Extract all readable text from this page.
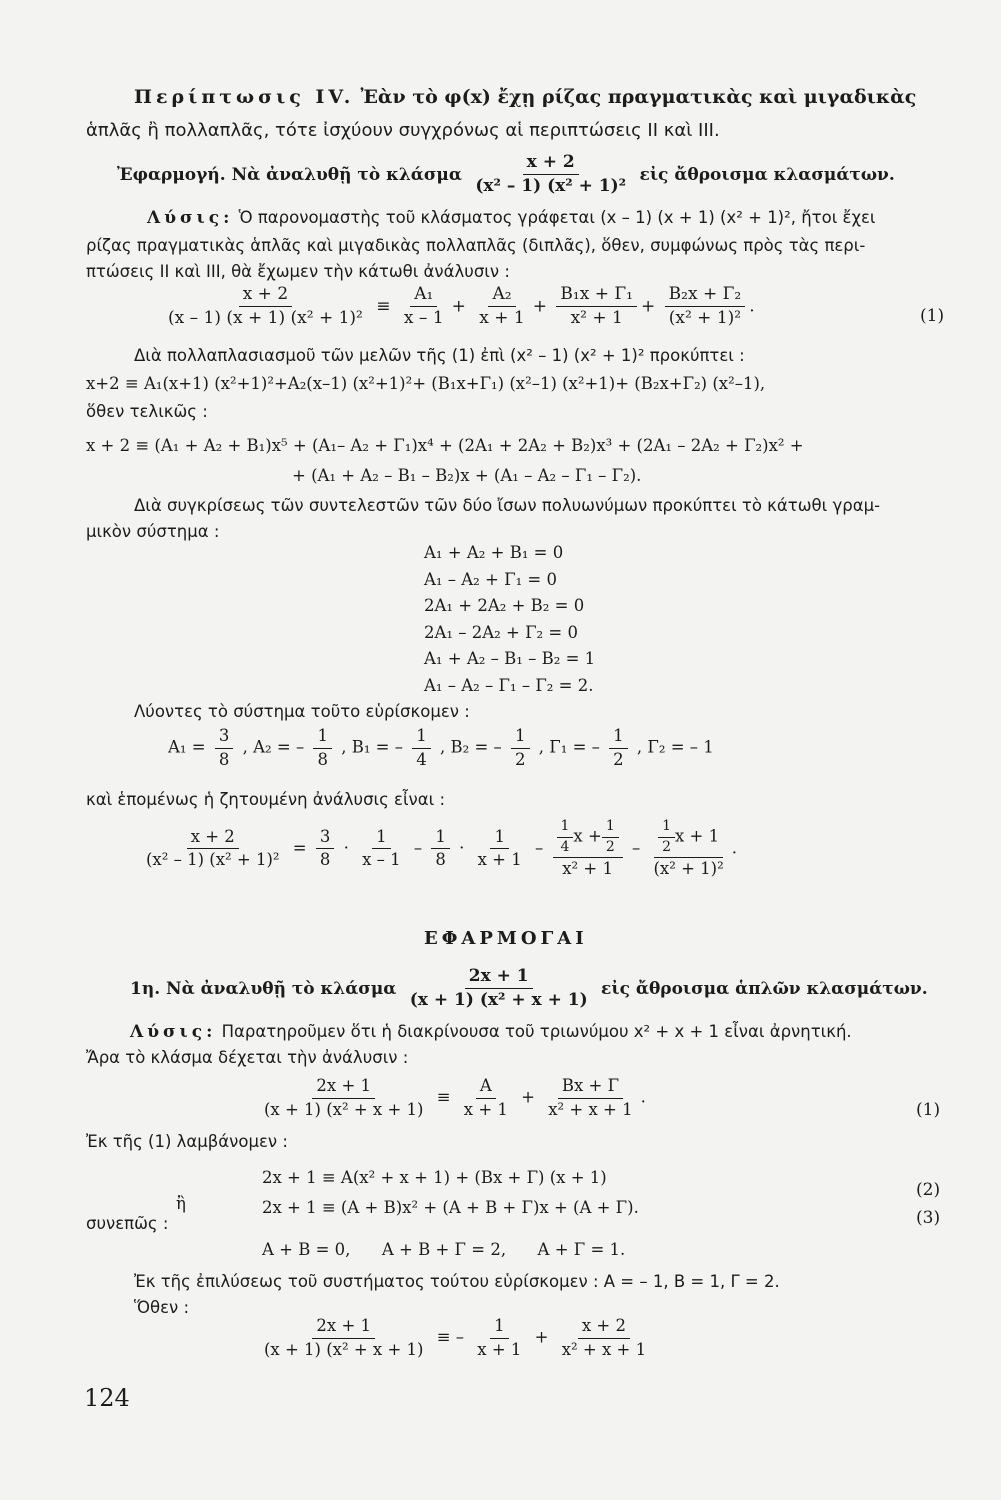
Περίπτωσις IV. Ἐὰν τὸ φ(x) ἔχῃ ρίζας πραγματικὰς καὶ μιγαδικὰς
ἁπλᾶς ἢ πολλαπλᾶς, τότε ἰσχύουν συγχρόνως αἱ περιπτώσεις II καὶ III.
Ἐφαρμογή. Νὰ ἀναλυθῇ τὸ κλάσμα $\frac{x + 2}{\text{(x² – 1) (x² + 1)²}}$ εἰς ἄθροισμα κλασμάτων.
Λύσις: Ὁ παρονομαστὴς τοῦ κλάσματος γράφεται (x – 1) (x + 1) (x² + 1)², ἤτοι ἔχει
ρίζας πραγματικὰς ἁπλᾶς καὶ μιγαδικὰς πολλαπλᾶς (διπλᾶς), ὅθεν, συμφώνως πρὸς τὰς περι-
πτώσεις II καὶ III, θὰ ἔχωμεν τὴν κάτωθι ἀνάλυσιν :
$\frac{x + 2}{\text{(x – 1) (x + 1) (x² + 1)²}} \equiv \frac{\text{A₁}}{x - 1} + \frac{\text{A₂}}{x + 1} + \frac{\text{B₁x + Γ₁}}{\text{x² + 1}} + \frac{\text{B₂x + Γ₂}}{\text{(x² + 1)²}}$ .	(1)
Διὰ πολλαπλασιασμοῦ τῶν μελῶν τῆς (1) ἐπὶ (x² – 1) (x² + 1)² προκύπτει :
x+2 ≡ A₁(x+1) (x²+1)²+A₂(x–1) (x²+1)²+ (B₁x+Γ₁) (x²–1) (x²+1)+ (B₂x+Γ₂) (x²–1),
ὅθεν τελικῶς :
x + 2 ≡ (A₁ + A₂ + B₁)x⁵ + (A₁– A₂ + Γ₁)x⁴ + (2A₁ + 2A₂ + B₂)x³ + (2A₁ – 2A₂ + Γ₂)x² +
+ (A₁ + A₂ – B₁ – B₂)x + (A₁ – A₂ – Γ₁ – Γ₂).
Διὰ συγκρίσεως τῶν συντελεστῶν τῶν δύο ἴσων πολυωνύμων προκύπτει τὸ κάτωθι γραμ-
μικὸν σύστημα :
A₁ + A₂ + B₁ = 0
A₁ – A₂ + Γ₁ = 0
2A₁ + 2A₂ + B₂ = 0
2A₁ – 2A₂ + Γ₂ = 0
A₁ + A₂ – B₁ – B₂ = 1
A₁ – A₂ – Γ₁ – Γ₂ = 2.
Λύοντες τὸ σύστημα τοῦτο εὑρίσκομεν :
$A_1 = \frac{3}{8}$ , A₂ = – $\frac{1}{8}$ , B₁ = – $\frac{1}{4}$ , B₂ = – $\frac{1}{2}$ , Γ₁ = – $\frac{1}{2}$ , Γ₂ = – 1
καὶ ἑπομένως ἡ ζητουμένη ἀνάλυσις εἶναι :
$\frac{x + 2}{\text{(x² – 1) (x² + 1)²}} = \frac{3}{8} \cdot \frac{1}{x - 1} - \frac{1}{8} \cdot \frac{1}{x + 1} - \frac{\frac{1}{4} x + \frac{1}{2}}{\text{x² + 1}} - \frac{\frac{1}{2} x + 1}{\text{(x² + 1)²}}$ .
ΕΦΑΡΜΟΓΑΙ
1η. Νὰ ἀναλυθῇ τὸ κλάσμα $\frac{2x + 1}{\text{(x + 1) (x² + x + 1)}}$ εἰς ἄθροισμα ἁπλῶν κλασμάτων.
Λύσις: Παρατηροῦμεν ὅτι ἡ διακρίνουσα τοῦ τριωνύμου x² + x + 1 εἶναι ἀρνητική.
Ἄρα τὸ κλάσμα δέχεται τὴν ἀνάλυσιν :
$\frac{2x + 1}{\text{(x + 1) (x² + x + 1)}} \equiv \frac{A}{x + 1} + \frac{Bx + \Gamma}{\text{x² + x + 1}}$ .
(1)
Ἐκ τῆς (1) λαμβάνομεν :
2x + 1 ≡ A(x² + x + 1) + (Bx + Γ) (x + 1)
(2)
ἢ	2x + 1 ≡ (A + B)x² + (A + B + Γ)x + (A + Γ).
(3)
συνεπῶς :
A + B = 0,      A + B + Γ = 2,      A + Γ = 1.
Ἐκ τῆς ἐπιλύσεως τοῦ συστήματος τούτου εὑρίσκομεν : A = – 1, B = 1, Γ = 2.
Ὅθεν :
$\frac{2x + 1}{\text{(x + 1) (x² + x + 1)}}$ ≡ – $\frac{1}{x + 1} + \frac{x + 2}{\text{x² + x + 1}}$
124
